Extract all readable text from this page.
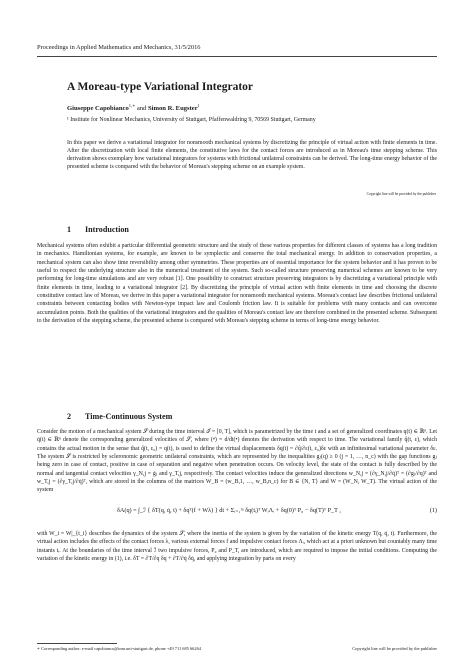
Proceedings in Applied Mathematics and Mechanics, 31/5/2016
A Moreau-type Variational Integrator
Giuseppe Capobianco$^{1,∗}$ and Simon R. Eugster$^1$
¹ Institute for Nonlinear Mechanics, University of Stuttgart, Pfaffenwaldring 9, 70569 Stuttgart, Germany
In this paper we derive a variational integrator for nonsmooth mechanical systems by discretizing the principle of virtual action with finite elements in time. After the discretization with local finite elements, the constitutive laws for the contact forces are introduced as in Moreau's time stepping scheme. This derivation shows exemplary how variational integrators for systems with frictional unilateral constraints can be derived. The long-time energy behavior of the presented scheme is compared with the behavior of Moreau's stepping scheme on an example system.
Copyright line will be provided by the publisher
1 Introduction
Mechanical systems often exhibit a particular differential geometric structure and the study of these various properties for different classes of systems has a long tradition in mechanics. Hamiltonian systems, for example, are known to be symplectic and conserve the total mechanical energy. In addition to conservation properties, a mechanical system can also show time reversibility among other symmetries. These properties are of essential importance for the system behavior and it has proven to be useful to respect the underlying structure also in the numerical treatment of the system. Such so-called structure preserving numerical schemes are known to be very performing for long-time simulations and are very robust [1]. One possibility to construct structure preserving integrators is by discretizing a variational principle with finite elements in time, leading to a variational integrator [2]. By discretizing the principle of virtual action with finite elements in time and choosing the discrete constitutive contact law of Moreau, we derive in this paper a variational integrator for nonsmooth mechanical systems. Moreau's contact law describes frictional unilateral constraints between contacting bodies with Newton-type impact law and Coulomb friction law. It is suitable for problems with many contacts and can overcome accumulation points. Both the qualities of the variational integrators and the qualities of Moreau's contact law are therefore combined in the presented scheme. Subsequent to the derivation of the stepping scheme, the presented scheme is compared with Moreau's stepping scheme in terms of long-time energy behavior.
2 Time-Continuous System
Consider the motion of a mechanical system 𝒮 during the time interval ℐ = [0, T], which is parametrized by the time t and a set of generalized coordinates q(t) ∈ ℝⁿ. Let q̇(t) ∈ ℝⁿ denote the corresponding generalized velocities of 𝒮, where (•̇) = d/dt(•) denotes the derivation with respect to time. The variational family q̂(t, ε), which contains the actual motion in the sense that q̂(t, ε₀) = q(t), is used to define the virtual displacements δq(t) = ∂q̂/∂ε(t, ε₀)δε with an infinitesimal variational parameter δε. The system 𝒮 is restricted by scleronomic geometric unilateral constraints, which are represented by the inequalities gⱼ(q) ≥ 0 (j = 1, …, n_c) with the gap functions gⱼ being zero in case of contact, positive in case of separation and negative when penetration occurs. On velocity level, the state of the contact is fully described by the normal and tangential contact velocities γ_N,j = ġⱼ and γ_T,j, respectively. The contact velocities induce the generalized directions w_N,j = (∂γ_N,j/∂q̇)ᵀ = (∂gⱼ/∂q)ᵀ and w_T,j = (∂γ_T,j/∂q̇)ᵀ, which are stored in the columns of the matrices W_B = (w_B,1, …, w_B,n_c) for B ∈ {N, T} and W = (W_N, W_T). The virtual action of the system
δA(q) = ∫_ℐ { δT(q, q̇, t) + δqᵀ(f + Wλ) } dt + Σᵢ₌₁ᵐ δq(tᵢ)ᵀ WᵢΛᵢ + δq(0)ᵀ P₀ − δq(T)ᵀ P_T ,	(1)
with W_i = W|_{t_i} describes the dynamics of the system 𝒮, where the inertia of the system is given by the variation of the kinetic energy T(q, q̇, t). Furthermore, the virtual action includes the effects of the contact forces λ, various external forces f and impulsive contact forces Λᵢ, which act at a priori unknown but countably many time instants tᵢ. At the boundaries of the time interval ℐ two impulsive forces, P₀ and P_T, are introduced, which are required to impose the initial conditions. Computing the variation of the kinetic energy in (1), i.e. δT = ∂T/∂q δq + ∂T/∂q̇ δq̇, and applying integration by parts on every
∗ Corresponding author: e-mail capobianco@inm.uni-stuttgart.de, phone +49 711 685 66264	Copyright line will be provided by the publisher
